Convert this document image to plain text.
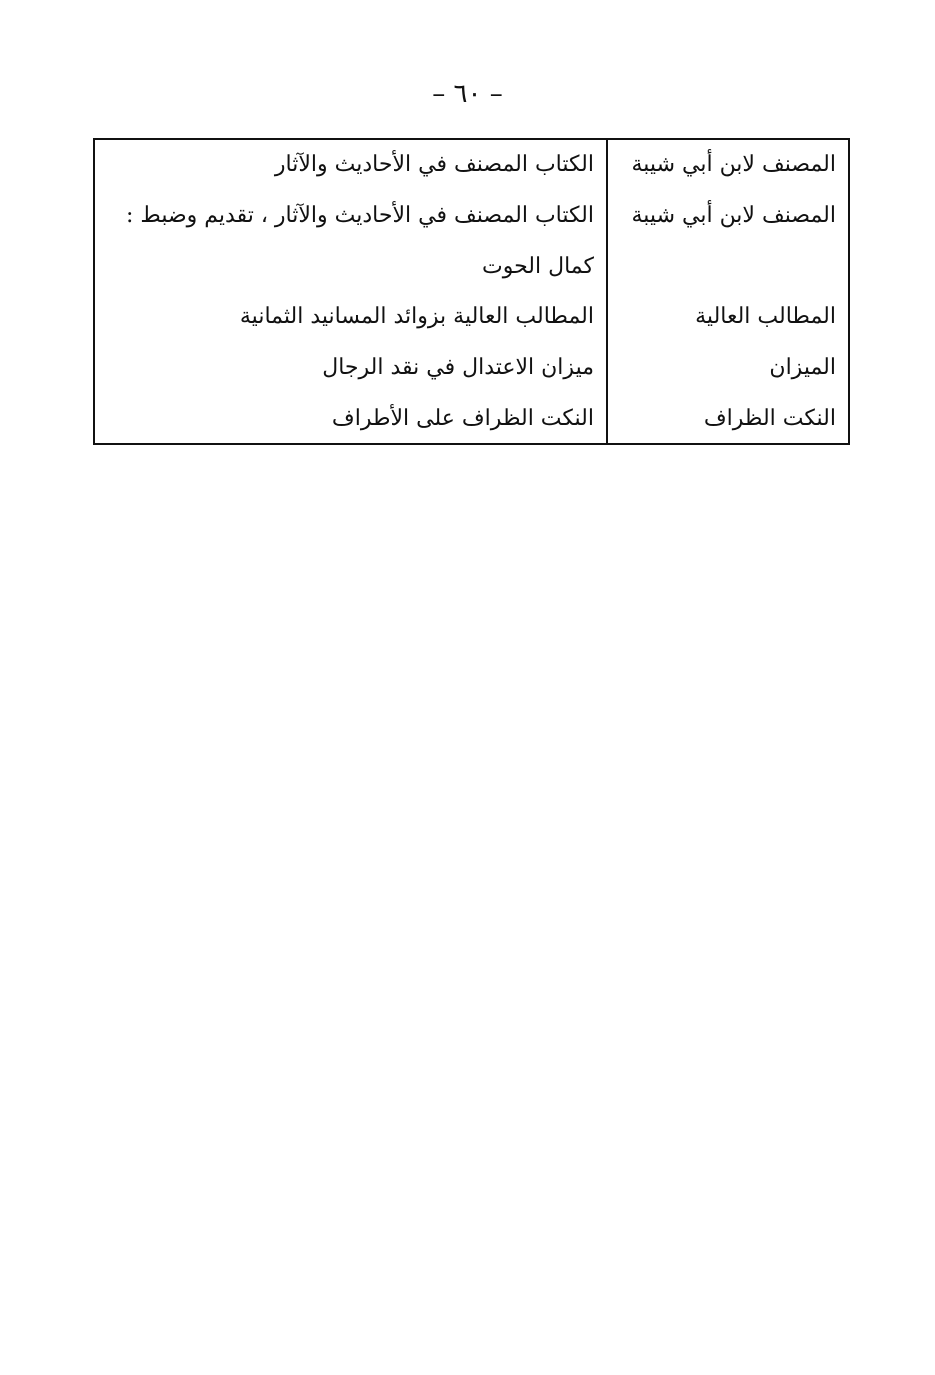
– ٦٠ –
المصنف لابن أبي شيبة	الكتاب المصنف في الأحاديث والآثار
المصنف لابن أبي شيبة	الكتاب المصنف في الأحاديث والآثار ، تقديم وضبط :
	كمال الحوت
المطالب العالية	المطالب العالية بزوائد المسانيد الثمانية
الميزان	ميزان الاعتدال في نقد الرجال
النكت الظراف	النكت الظراف على الأطراف
